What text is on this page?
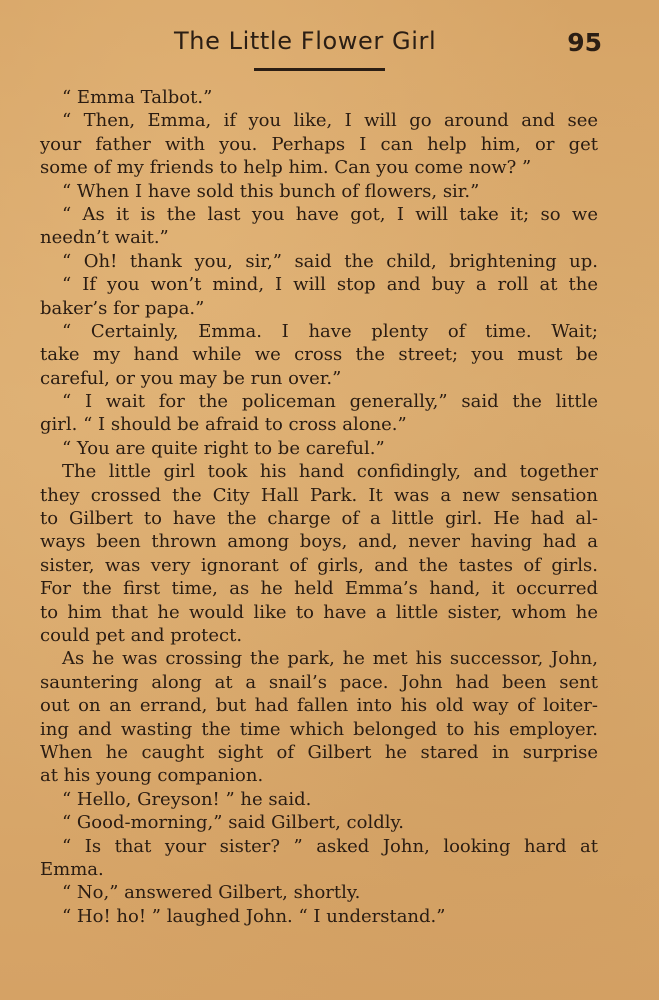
The Little Flower Girl	95
“ Emma Talbot.”
“ Then, Emma, if you like, I will go around and see
your father with you. Perhaps I can help him, or get
some of my friends to help him. Can you come now? ”
“ When I have sold this bunch of flowers, sir.”
“ As it is the last you have got, I will take it; so we
needn’t wait.”
“ Oh! thank you, sir,” said the child, brightening up.
“ If you won’t mind, I will stop and buy a roll at the
baker’s for papa.”
“ Certainly, Emma. I have plenty of time. Wait;
take my hand while we cross the street; you must be
careful, or you may be run over.”
“ I wait for the policeman generally,” said the little
girl. “ I should be afraid to cross alone.”
“ You are quite right to be careful.”
The little girl took his hand confidingly, and together
they crossed the City Hall Park. It was a new sensation
to Gilbert to have the charge of a little girl. He had al-
ways been thrown among boys, and, never having had a
sister, was very ignorant of girls, and the tastes of girls.
For the first time, as he held Emma’s hand, it occurred
to him that he would like to have a little sister, whom he
could pet and protect.
As he was crossing the park, he met his successor, John,
sauntering along at a snail’s pace. John had been sent
out on an errand, but had fallen into his old way of loiter-
ing and wasting the time which belonged to his employer.
When he caught sight of Gilbert he stared in surprise
at his young companion.
“ Hello, Greyson! ” he said.
“ Good-morning,” said Gilbert, coldly.
“ Is that your sister? ” asked John, looking hard at
Emma.
“ No,” answered Gilbert, shortly.
“ Ho! ho! ” laughed John. “ I understand.”
